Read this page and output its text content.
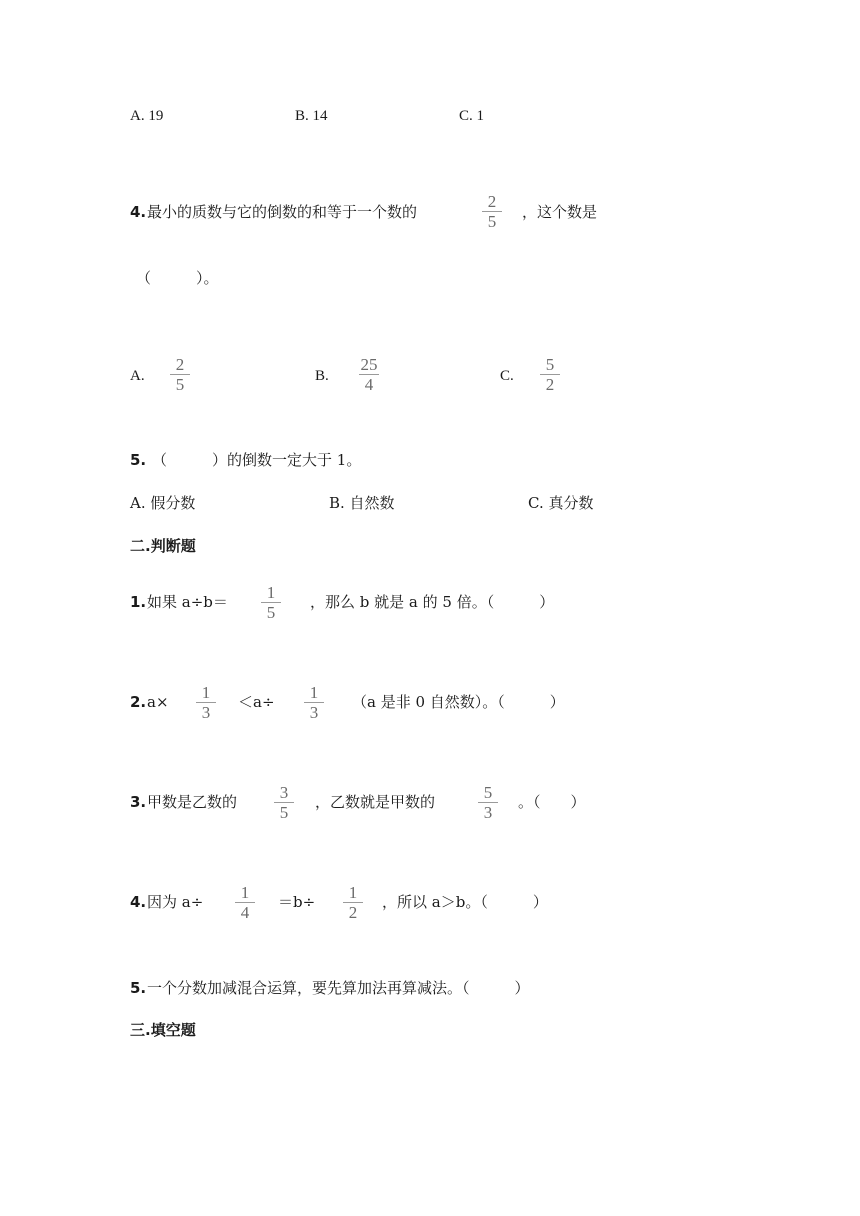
A. 19	B. 14	C. 1
4. 最小的质数与它的倒数的和等于一个数的
2
5	，这个数是
（　　　）。
A.
2
5	B.
25
4	C.
5
2
5. （　　　）的倒数一定大于 1。
A. 假分数	B. 自然数	C. 真分数
二.判断题
1. 如果 a÷b＝	1
5
，那么 b 就是 a 的 5 倍。（　　　）
2. a×	1
3
＜a÷	1
3
（a 是非 0 自然数）。（　　　）
3. 甲数是乙数的	3
5
，乙数就是甲数的	5
3
。（　　）
4. 因为 a÷	1
4
＝b÷	1
2
，所以 a＞b。（　　　）
5. 一个分数加减混合运算，要先算加法再算减法。（　　　）
三.填空题
